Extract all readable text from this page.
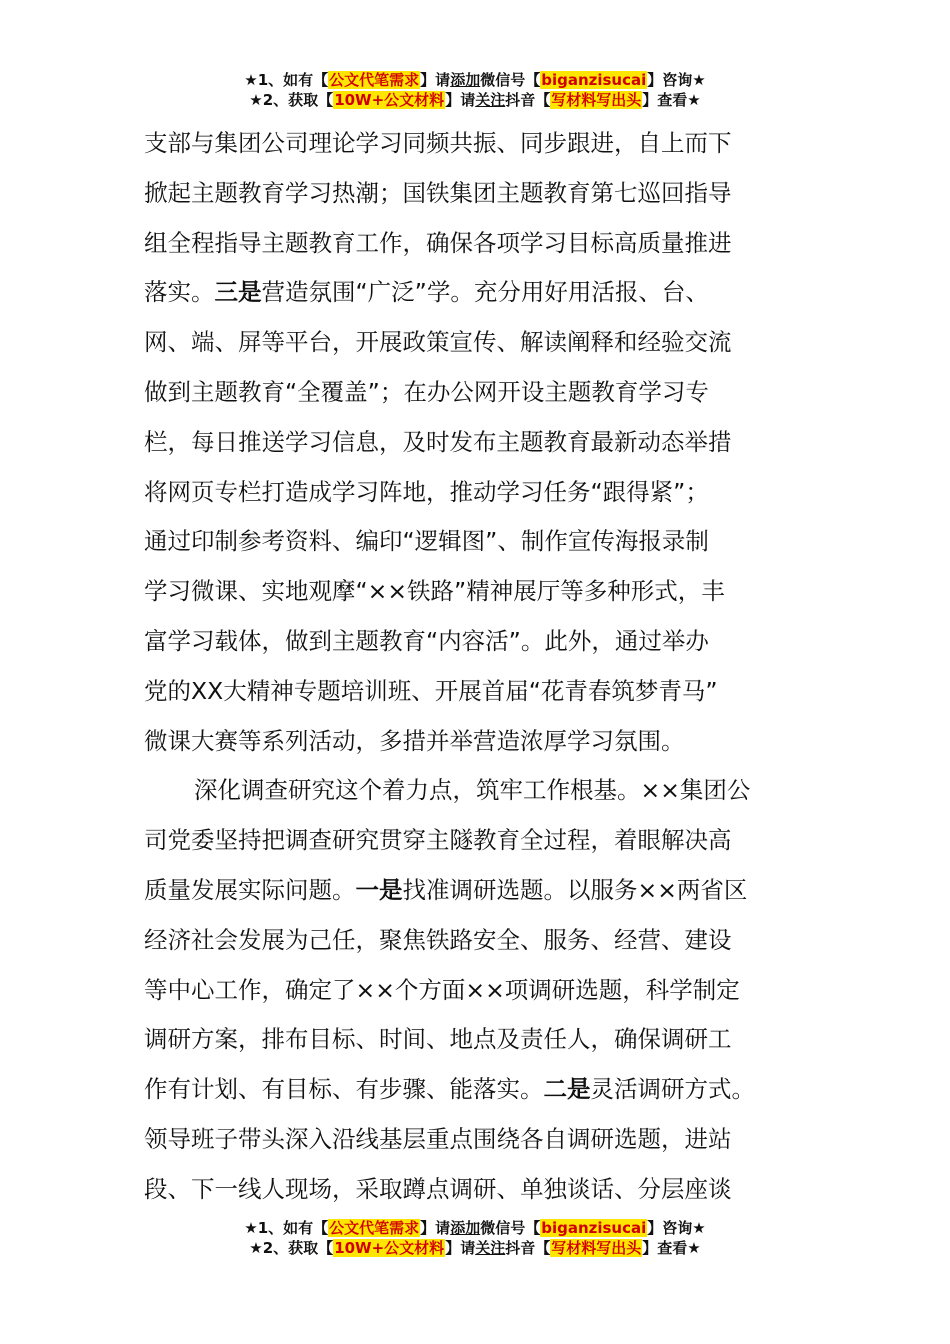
★1、如有【公文代笔需求】请添加微信号【biganzisucai】咨询★
★2、获取【10W+公文材料】请关注抖音【写材料写出头】查看★
支部与集团公司理论学习同频共振、同步跟进，自上而下
掀起主题教育学习热潮；国铁集团主题教育第七巡回指导
组全程指导主题教育工作，确保各项学习目标高质量推进
落实。三是营造氛围“广泛”学。充分用好用活报、台、
网、端、屏等平台，开展政策宣传、解读阐释和经验交流
做到主题教育“全覆盖”；在办公网开设主题教育学习专
栏，每日推送学习信息，及时发布主题教育最新动态举措
将网页专栏打造成学习阵地，推动学习任务“跟得紧”；
通过印制参考资料、编印“逻辑图”、制作宣传海报录制
学习微课、实地观摩“××铁路”精神展厅等多种形式，丰
富学习载体，做到主题教育“内容活”。此外，通过举办
党的XX大精神专题培训班、开展首届“花青春筑梦青马”
微课大赛等系列活动，多措并举营造浓厚学习氛围。
深化调查研究这个着力点，筑牢工作根基。××集团公
司党委坚持把调查研究贯穿主隧教育全过程，着眼解决高
质量发展实际问题。一是找准调研选题。以服务××两省区
经济社会发展为己任，聚焦铁路安全、服务、经营、建设
等中心工作，确定了××个方面××项调研选题，科学制定
调研方案，排布目标、时间、地点及责任人，确保调研工
作有计划、有目标、有步骤、能落实。二是灵活调研方式。
领导班子带头深入沿线基层重点围绕各自调研选题，进站
段、下一线人现场，采取蹲点调研、单独谈话、分层座谈
★1、如有【公文代笔需求】请添加微信号【biganzisucai】咨询★
★2、获取【10W+公文材料】请关注抖音【写材料写出头】查看★
